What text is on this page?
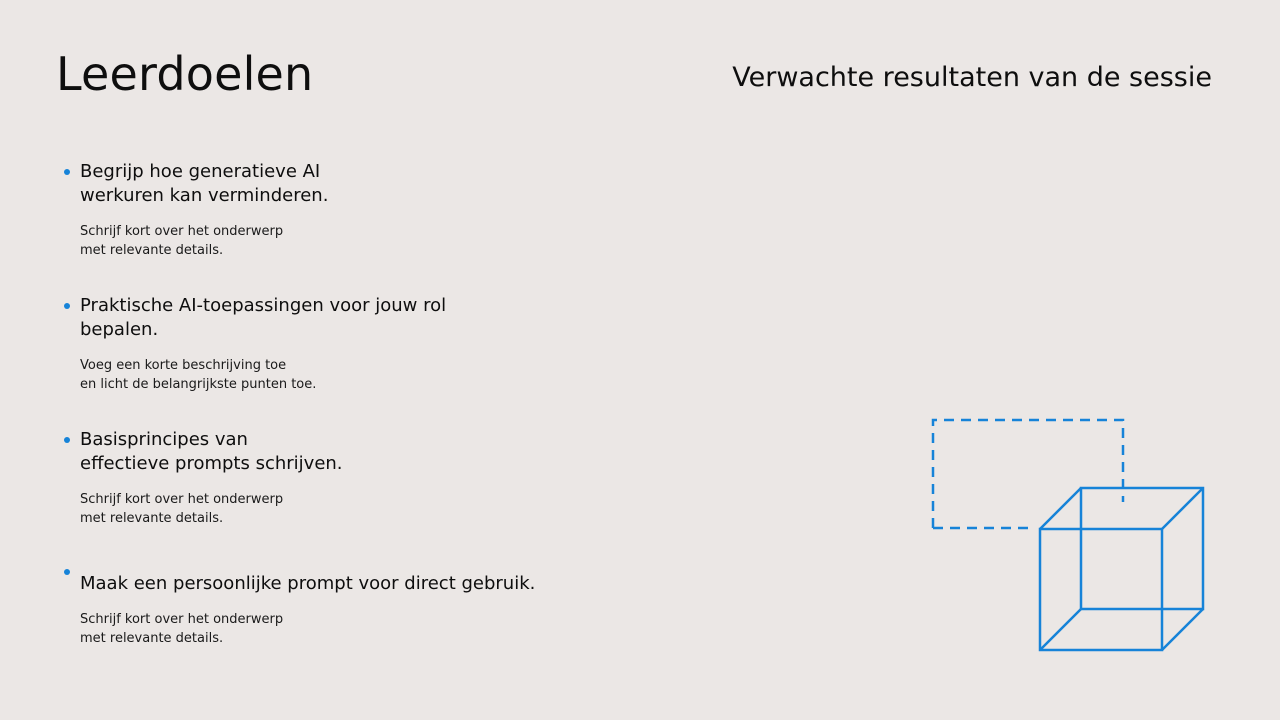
Leerdoelen	Verwachte resultaten van de sessie

Begrijp hoe generatieve AI
werkuren kan verminderen.

Schrijf kort over het onderwerp
met relevante details.

Praktische AI-toepassingen voor jouw rol
bepalen.

Voeg een korte beschrijving toe
en licht de belangrijkste punten toe.

Basisprincipes van
effectieve prompts schrijven.

Schrijf kort over het onderwerp
met relevante details.

Maak een persoonlijke prompt voor direct gebruik.

Schrijf kort over het onderwerp
met relevante details.
